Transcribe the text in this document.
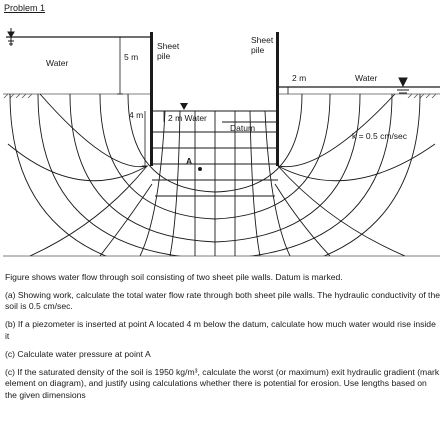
Problem 1
Water
5 m
Sheet pile
Sheet pile
2 m	Water
4 m	2 m Water
Datum
k = 0.5 cm/sec
A

Figure shows water flow through soil consisting of two sheet pile walls. Datum is marked.

(a) Showing work, calculate the total water flow rate through both sheet pile walls. The hydraulic conductivity of the soil is 0.5 cm/sec.

(b) If a piezometer is inserted at point A located 4 m below the datum, calculate how much water would rise inside it

(c) Calculate water pressure at point A

(c) If the saturated density of the soil is 1950 kg/m³, calculate the worst (or maximum) exit hydraulic gradient (mark element on diagram), and justify using calculations whether there is potential for erosion. Use lengths based on the given dimensions
